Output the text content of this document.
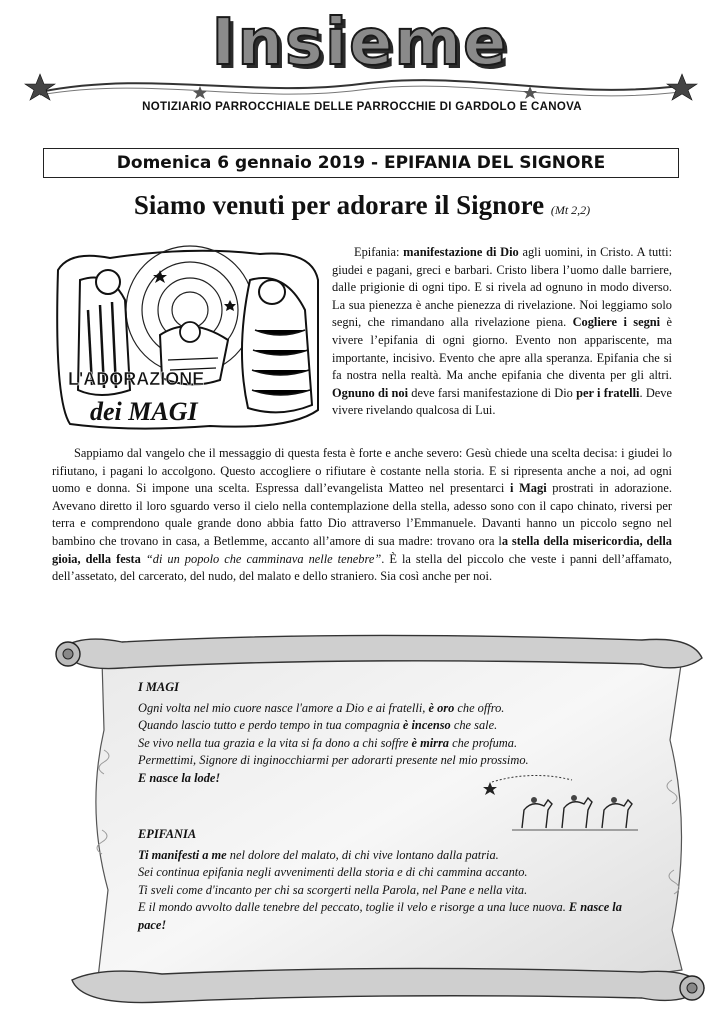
Insieme
NOTIZIARIO PARROCCHIALE DELLE PARROCCHIE DI GARDOLO E CANOVA
Domenica 6 gennaio 2019 - EPIFANIA DEL SIGNORE
Siamo venuti per adorare il Signore (Mt 2,2)
L'ADORAZIONE
dei MAGI

Epifania: manifestazione di Dio agli uomini, in Cristo. A tutti: giudei e pagani, greci e barbari. Cristo libera l’uomo dalle barriere, dalle prigionie di ogni tipo. E si rivela ad ognuno in modo diverso. La sua pienezza è anche pienezza di rivelazione. Noi leggiamo solo segni, che rimandano alla rivelazione piena. Cogliere i segni è vivere l’epifania di ogni giorno. Evento non appariscente, ma importante, incisivo. Evento che apre alla speranza. Epifania che si fa nostra nella realtà. Ma anche epifania che diventa per gli altri. Ognuno di noi deve farsi manifestazione di Dio per i fratelli. Deve vivere rivelando qualcosa di Lui.

Sappiamo dal vangelo che il messaggio di questa festa è forte e anche severo: Gesù chiede una scelta decisa: i giudei lo rifiutano, i pagani lo accolgono. Questo accogliere o rifiutare è costante nella storia. E si ripresenta anche a noi, ad ogni uomo e donna. Si impone una scelta. Espressa dall’evangelista Matteo nel presentarci i Magi prostrati in adorazione. Avevano diretto il loro sguardo verso il cielo nella contemplazione della stella, adesso sono con il capo chinato, riversi per terra e comprendono quale grande dono abbia fatto Dio attraverso l’Emmanuele. Davanti hanno un piccolo segno nel bambino che trovano in casa, a Betlemme, accanto all’amore di sua madre: trovano ora la stella della misericordia, della gioia, della festa “di un popolo che camminava nelle tenebre”. È la stella del piccolo che veste i panni dell’affamato, dell’assetato, del carcerato, del nudo, del malato e dello straniero. Sia così anche per noi.

I MAGI
Ogni volta nel mio cuore nasce l'amore a Dio e ai fratelli, è oro che offro.
Quando lascio tutto e perdo tempo in tua compagnia è incenso che sale.
Se vivo nella tua grazia e la vita si fa dono a chi soffre è mirra che profuma.
Permettimi, Signore di inginocchiarmi per adorarti presente nel mio prossimo.
E nasce la lode!
EPIFANIA
Ti manifesti a me nel dolore del malato, di chi vive lontano dalla patria.
Sei continua epifania negli avvenimenti della storia e di chi cammina accanto.
Ti sveli come d'incanto per chi sa scorgerti nella Parola, nel Pane e nella vita.
E il mondo avvolto dalle tenebre del peccato, toglie il velo e risorge a una luce nuova. E nasce la pace!
